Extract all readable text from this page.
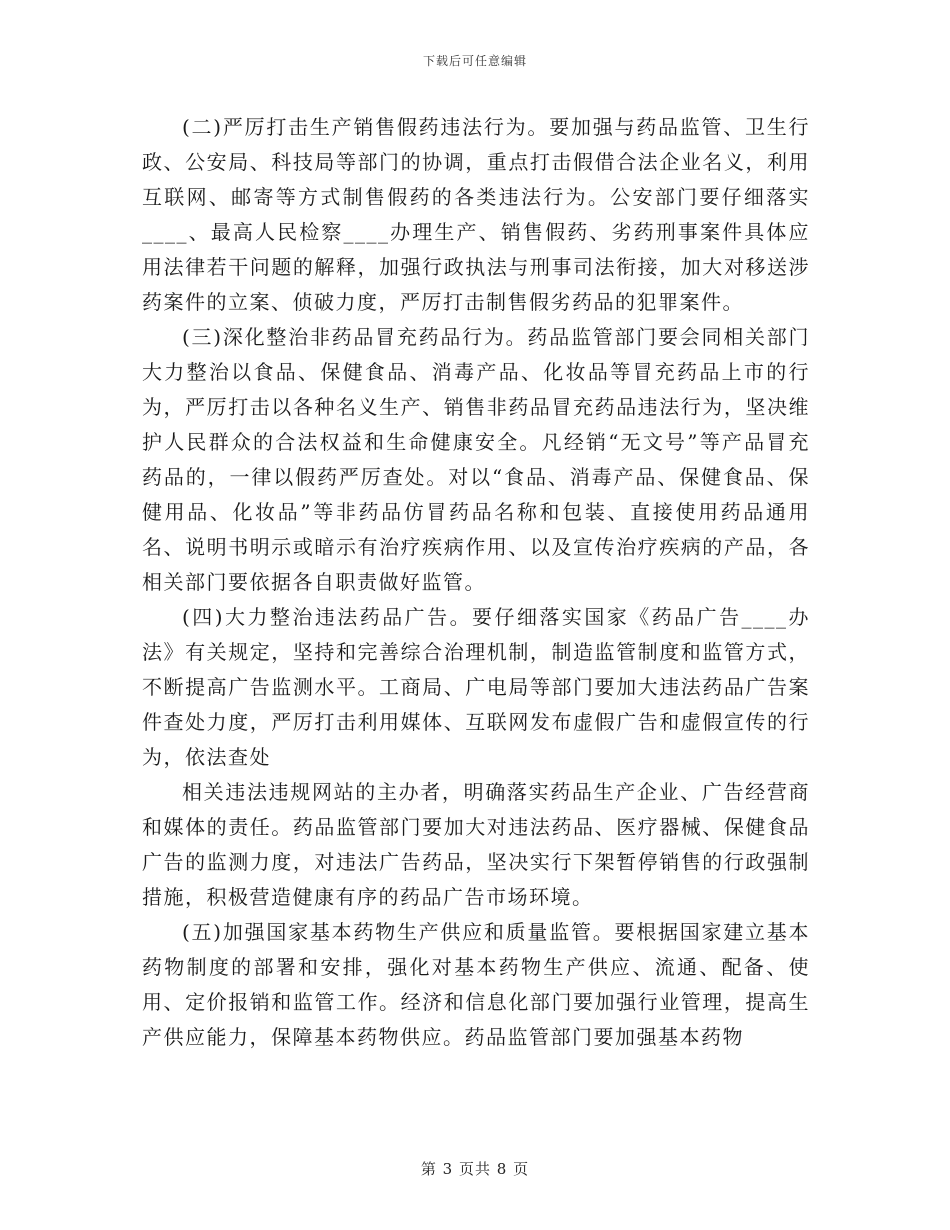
下载后可任意编辑

(二)严厉打击生产销售假药违法行为。要加强与药品监管、卫生行政、公安局、科技局等部门的协调，重点打击假借合法企业名义，利用互联网、邮寄等方式制售假药的各类违法行为。公安部门要仔细落实____、最高人民检察____办理生产、销售假药、劣药刑事案件具体应用法律若干问题的解释，加强行政执法与刑事司法衔接，加大对移送涉药案件的立案、侦破力度，严厉打击制售假劣药品的犯罪案件。

(三)深化整治非药品冒充药品行为。药品监管部门要会同相关部门大力整治以食品、保健食品、消毒产品、化妆品等冒充药品上市的行为，严厉打击以各种名义生产、销售非药品冒充药品违法行为，坚决维护人民群众的合法权益和生命健康安全。凡经销“无文号”等产品冒充药品的，一律以假药严厉查处。对以“食品、消毒产品、保健食品、保健用品、化妆品”等非药品仿冒药品名称和包装、直接使用药品通用名、说明书明示或暗示有治疗疾病作用、以及宣传治疗疾病的产品，各相关部门要依据各自职责做好监管。

(四)大力整治违法药品广告。要仔细落实国家《药品广告____办法》有关规定，坚持和完善综合治理机制，制造监管制度和监管方式，不断提高广告监测水平。工商局、广电局等部门要加大违法药品广告案件查处力度，严厉打击利用媒体、互联网发布虚假广告和虚假宣传的行为，依法查处

相关违法违规网站的主办者，明确落实药品生产企业、广告经营商和媒体的责任。药品监管部门要加大对违法药品、医疗器械、保健食品广告的监测力度，对违法广告药品，坚决实行下架暂停销售的行政强制措施，积极营造健康有序的药品广告市场环境。

(五)加强国家基本药物生产供应和质量监管。要根据国家建立基本药物制度的部署和安排，强化对基本药物生产供应、流通、配备、使用、定价报销和监管工作。经济和信息化部门要加强行业管理，提高生产供应能力，保障基本药物供应。药品监管部门要加强基本药物

第 3 页共 8 页
